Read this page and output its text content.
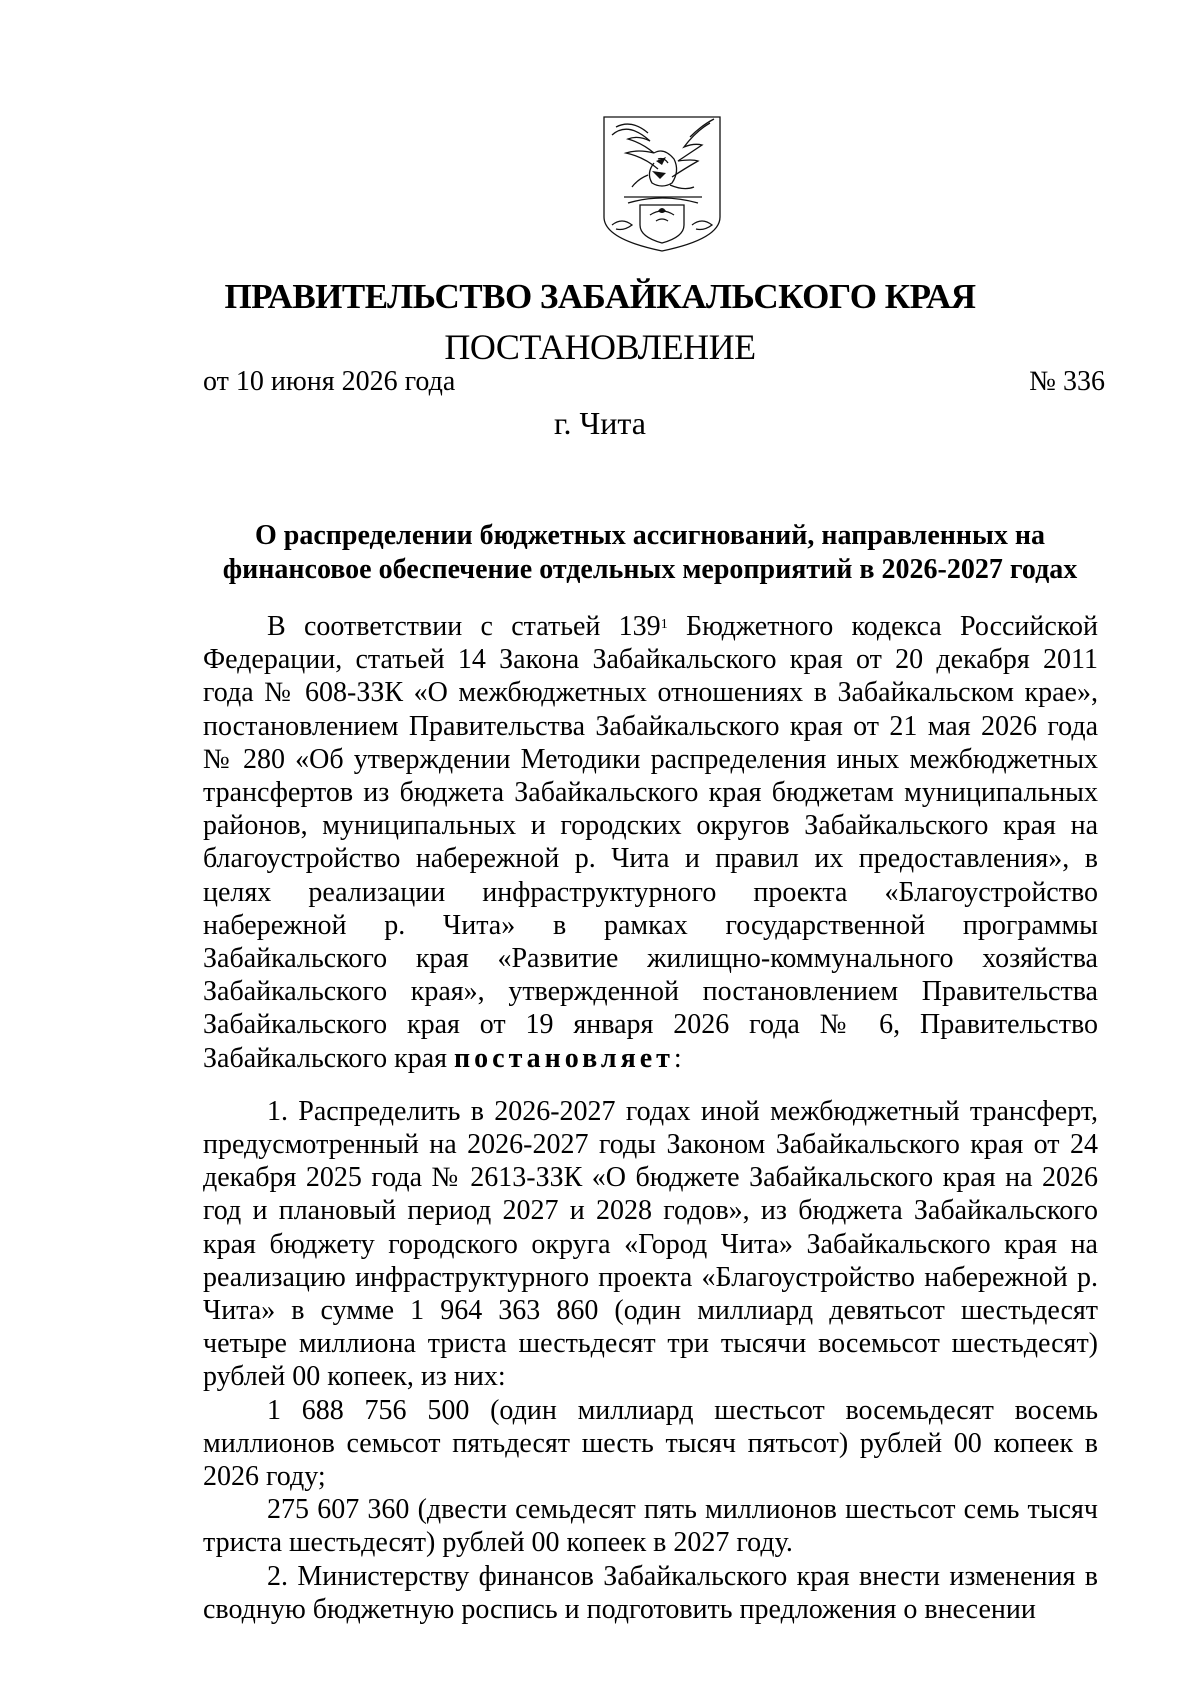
ПРАВИТЕЛЬСТВО ЗАБАЙКАЛЬСКОГО КРАЯ
ПОСТАНОВЛЕНИЕ
от 10 июня 2026 года	№ 336
г. Чита
О распределении бюджетных ассигнований, направленных на
финансовое обеспечение отдельных мероприятий в 2026-2027 годах

В соответствии с статьей $139^1$ Бюджетного кодекса Российской Федерации, статьей 14 Закона Забайкальского края от 20 декабря 2011 года № 608-ЗЗК «О межбюджетных отношениях в Забайкальском крае», постановлением Правительства Забайкальского края от 21 мая 2026 года № 280 «Об утверждении Методики распределения иных межбюджетных трансфертов из бюджета Забайкальского края бюджетам муниципальных районов, муниципальных и городских округов Забайкальского края на благоустройство набережной р. Чита и правил их предоставления», в целях реализации инфраструктурного проекта «Благоустройство набережной р. Чита» в рамках государственной программы Забайкальского края «Развитие жилищно-коммунального хозяйства Забайкальского края», утвержденной постановлением Правительства Забайкальского края от 19 января 2026 года № 6, Правительство Забайкальского края постановляет:

1. Распределить в 2026-2027 годах иной межбюджетный трансферт, предусмотренный на 2026-2027 годы Законом Забайкальского края от 24 декабря 2025 года № 2613-ЗЗК «О бюджете Забайкальского края на 2026 год и плановый период 2027 и 2028 годов», из бюджета Забайкальского края бюджету городского округа «Город Чита» Забайкальского края на реализацию инфраструктурного проекта «Благоустройство набережной р. Чита» в сумме 1 964 363 860 (один миллиард девятьсот шестьдесят четыре миллиона триста шестьдесят три тысячи восемьсот шестьдесят) рублей 00 копеек, из них:

1 688 756 500 (один миллиард шестьсот восемьдесят восемь миллионов семьсот пятьдесят шесть тысяч пятьсот) рублей 00 копеек в 2026 году;

275 607 360 (двести семьдесят пять миллионов шестьсот семь тысяч триста шестьдесят) рублей 00 копеек в 2027 году.

2. Министерству финансов Забайкальского края внести изменения в сводную бюджетную роспись и подготовить предложения о внесении
